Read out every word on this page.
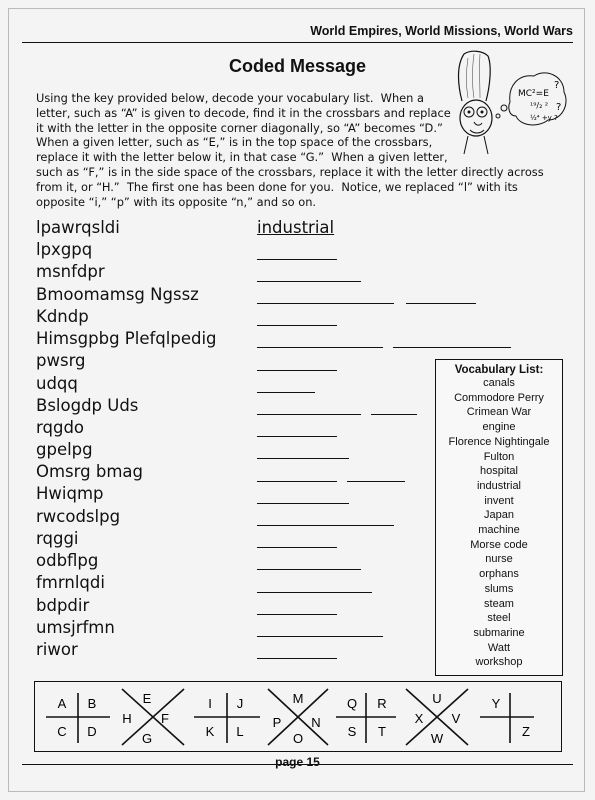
World Empires, World Missions, World Wars
Coded Message
MC²=E
?
¹⁹/₂ ²
½⁴ +y ?
?
Using the key provided below, decode your vocabulary list.  When a
letter, such as “A” is given to decode, find it in the crossbars and replace
it with the letter in the opposite corner diagonally, so “A” becomes “D.”
When a given letter, such as “E,” is in the top space of the crossbars,
replace it with the letter below it, in that case “G.”  When a given letter,
such as “F,” is in the side space of the crossbars, replace it with the letter directly across
from it, or “H.”  The first one has been done for you.  Notice, we replaced “l” with its
opposite “i,” “p” with its opposite “n,” and so on.
lpawrqsldi
lpxgpq
msnfdpr
Bmoomamsg Ngssz
Kdndp
Himsgpbg Plefqlpedig
pwsrg
udqq
Bslogdp Uds
rqgdo
gpelpg
Omsrg bmag
Hwiqmp
rwcodslpg
rqggi
odbflpg
fmrnlqdi
bdpdir
umsjrfmn
riwor
industrial
Vocabulary List:
canals
Commodore Perry
Crimean War
engine
Florence Nightingale
Fulton
hospital
industrial
invent
Japan
machine
Morse code
nurse
orphans
slums
steam
steel
submarine
Watt
workshop
A B
C D
E
F
G
H
I J
K L
M
N
O
P
Q R
S T
U
V
W
X
Y
Z
page 15
